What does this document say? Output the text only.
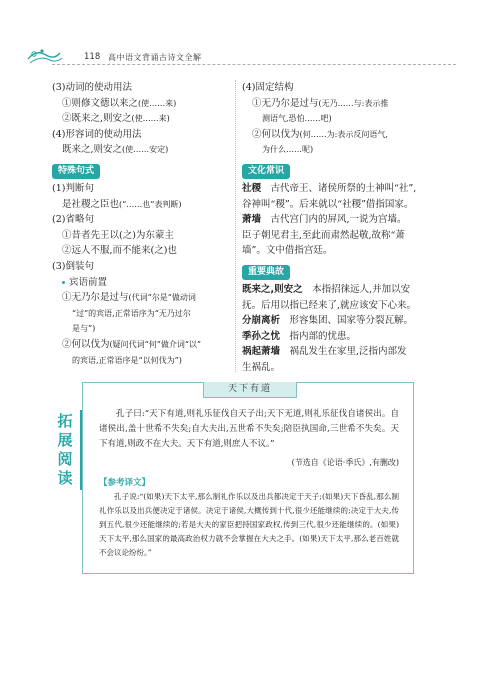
118 高中语文背诵古诗文全解
(3)动词的使动用法
①则修文德以来之(使……来)
②既来之,则安之(使……来)
(4)形容词的使动用法
既来之,则安之(使……安定)
特殊句式
(1)判断句
是社稷之臣也(“……也”表判断)
(2)省略句
①昔者先王以(之)为东蒙主
②远人不服,而不能来(之)也
(3)倒装句
宾语前置
①无乃尔是过与(代词“尔是”做动词
“过”的宾语,正常语序为“无乃过尔
是与”)
②何以伐为(疑问代词“何”做介词“以”
的宾语,正常语序是“以何伐为”)
(4)固定结构
①无乃尔是过与(无乃……与:表示推
测语气,恐怕……吧)
②何以伐为(何……为:表示反问语气,
为什么……呢)
文化常识
社稷　古代帝王、诸侯所祭的土神叫“社”,
谷神叫“稷”。后来就以“社稷”借指国家。
萧墙　古代宫门内的屏风,一说为宫墙。
臣子朝见君主,至此而肃然起敬,故称“萧
墙”。文中借指宫廷。
重要典故
既来之,则安之　本指招徕远人,并加以安
抚。后用以指已经来了,就应该安下心来。
分崩离析　形容集团、国家等分裂瓦解。
季孙之忧　指内部的忧患。
祸起萧墙　祸乱发生在家里,泛指内部发
生祸乱。
拓
展
阅
读
天下有道
孔子曰:“天下有道,则礼乐征伐自天子出;天下无道,则礼乐征伐自诸侯出。自诸侯出,盖十世希不失矣;自大夫出,五世希不失矣;陪臣执国命,三世希不失矣。天下有道,则政不在大夫。天下有道,则庶人不议。”
(节选自《论语·季氏》,有删改)
【参考译文】
孔子说:“(如果)天下太平,那么制礼作乐以及出兵都决定于天子;(如果)天下昏乱,那么制礼作乐以及出兵便决定于诸侯。决定于诸侯,大概传到十代,很少还能继续的;决定于大夫,传到五代,很少还能继续的;若是大夫的家臣把持国家政权,传到三代,很少还能继续的。(如果)天下太平,那么国家的最高政治权力就不会掌握在大夫之手。(如果)天下太平,那么老百姓就不会议论纷纷。”
